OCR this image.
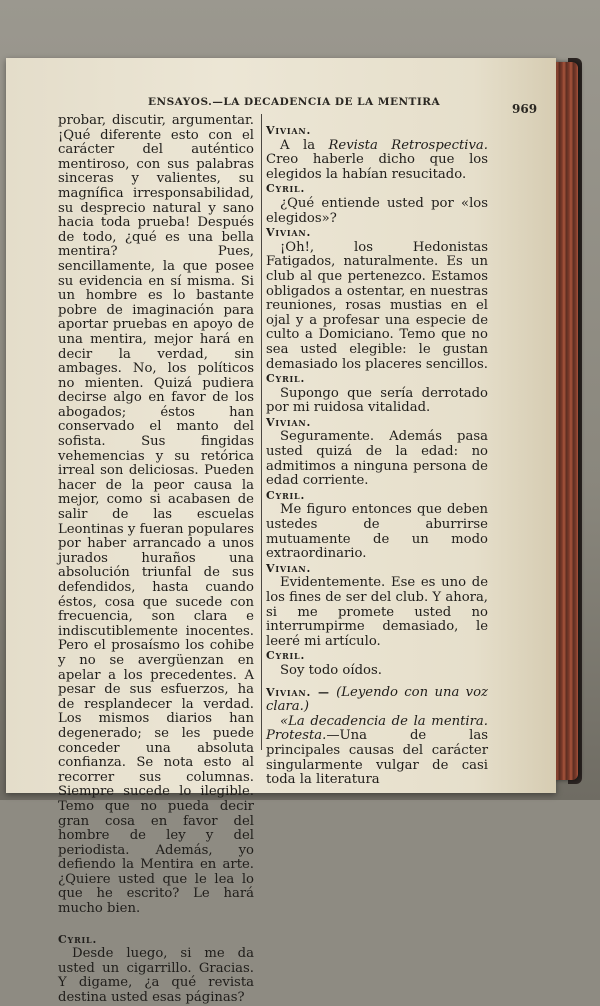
ENSAYOS.—LA DECADENCIA DE LA MENTIRA	969

probar, discutir, argumentar. ¡Qué diferente esto con el carácter del auténtico mentiroso, con sus palabras sinceras y valientes, su magnífica irresponsabilidad, su desprecio natural y sano hacia toda prueba! Después de todo, ¿qué es una bella mentira? Pues, sencillamente, la que posee su evidencia en sí misma. Si un hombre es lo bastante pobre de imaginación para aportar pruebas en apoyo de una mentira, mejor hará en decir la verdad, sin ambages. No, los políticos no mienten. Quizá pudiera decirse algo en favor de los abogados; éstos han conservado el manto del sofista. Sus fingidas vehemencias y su retórica irreal son deliciosas. Pueden hacer de la peor causa la mejor, como si acabasen de salir de las escuelas Leontinas y fueran populares por haber arrancado a unos jurados huraños una absolución triunfal de sus defendidos, hasta cuando éstos, cosa que sucede con frecuencia, son clara e indiscutiblemente inocentes. Pero el prosaísmo los cohibe y no se avergüenzan en apelar a los precedentes. A pesar de sus esfuerzos, ha de resplandecer la verdad. Los mismos diarios han degenerado; se les puede conceder una absoluta confianza. Se nota esto al recorrer sus columnas. Siempre sucede lo ilegible. Temo que no pueda decir gran cosa en favor del hombre de ley y del periodista. Además, yo defiendo la Mentira en arte. ¿Quiere usted que le lea lo que he escrito? Le hará mucho bien.

Cyril.

Desde luego, si me da usted un cigarrillo. Gracias. Y digame, ¿a qué revista destina usted esas páginas?

Vivian.

A la Revista Retrospectiva. Creo haberle dicho que los elegidos la habían resucitado.

Cyril.

¿Qué entiende usted por «los elegidos»?

Vivian.

¡Oh!, los Hedonistas Fatigados, naturalmente. Es un club al que pertenezco. Estamos obligados a ostentar, en nuestras reuniones, rosas mustias en el ojal y a profesar una especie de culto a Domiciano. Temo que no sea usted elegible: le gustan demasiado los placeres sencillos.

Cyril.

Supongo que sería derrotado por mi ruidosa vitalidad.

Vivian.

Seguramente. Además pasa usted quizá de la edad: no admitimos a ninguna persona de edad corriente.

Cyril.

Me figuro entonces que deben ustedes de aburrirse mutuamente de un modo extraordinario.

Vivian.

Evidentemente. Ese es uno de los fines de ser del club. Y ahora, si me promete usted no interrumpirme demasiado, le leeré mi artículo.

Cyril.

Soy todo oídos.

Vivian. — (Leyendo con una voz clara.)

«La decadencia de la mentira. Protesta.—Una de las principales causas del carácter singularmente vulgar de casi toda la literatura
